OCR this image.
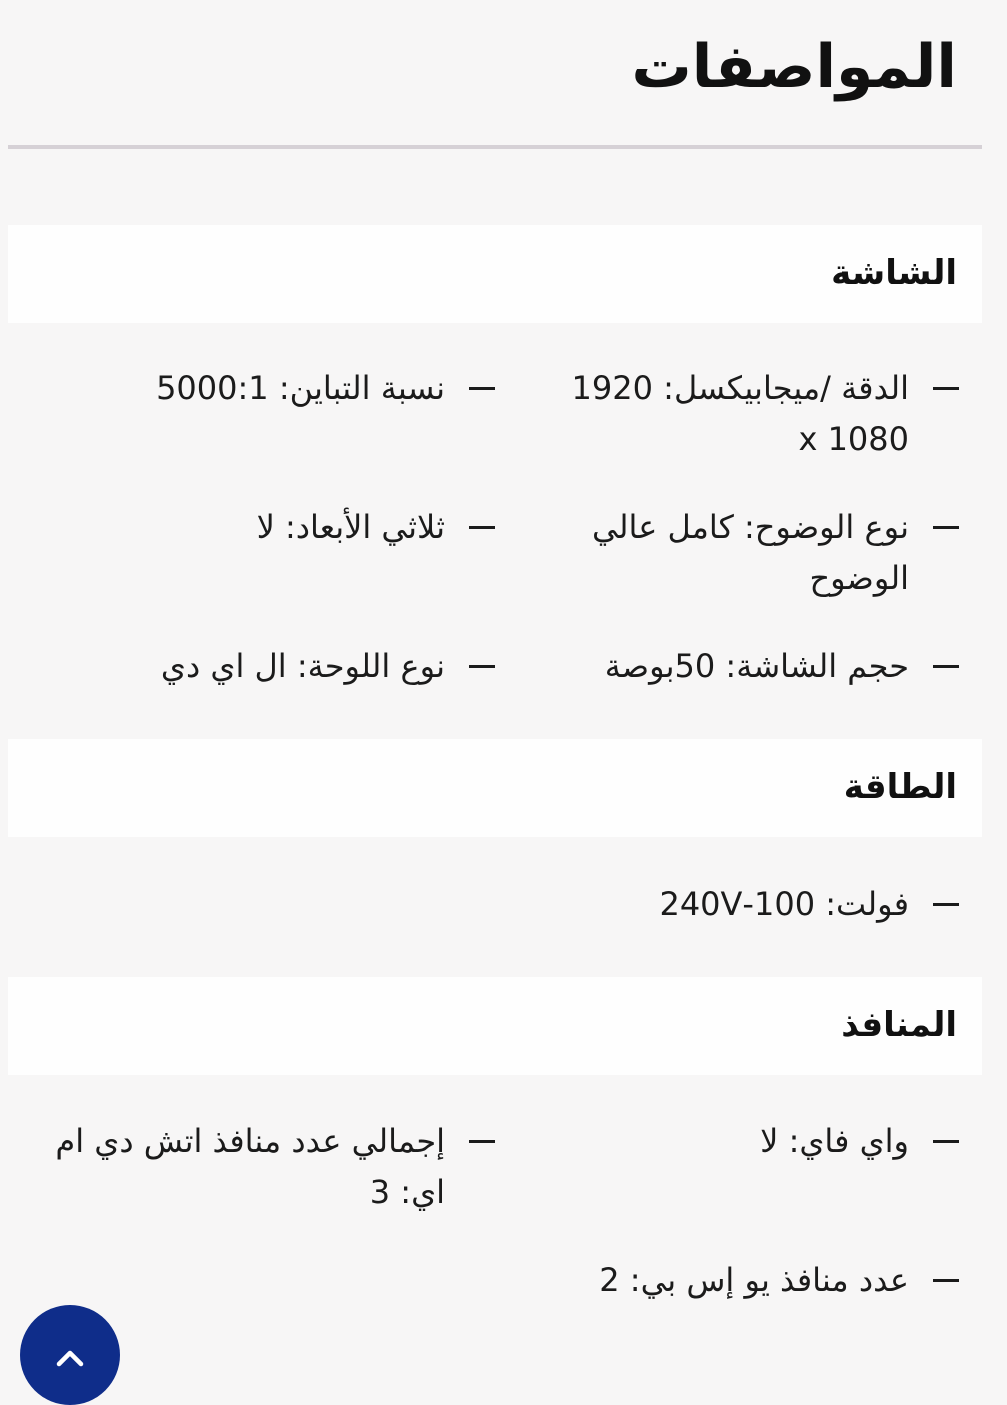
المواصفات
الشاشة
الدقة /ميجابيكسل: 1920 x 1080
نسبة التباين: 5000:1
نوع الوضوح: كامل عالي الوضوح
ثلاثي الأبعاد: لا
حجم الشاشة: 50بوصة
نوع اللوحة: ال اي دي
الطاقة
فولت: 100-240V
المنافذ
واي فاي: لا
إجمالي عدد منافذ اتش دي ام اي: 3
عدد منافذ يو إس بي: 2
